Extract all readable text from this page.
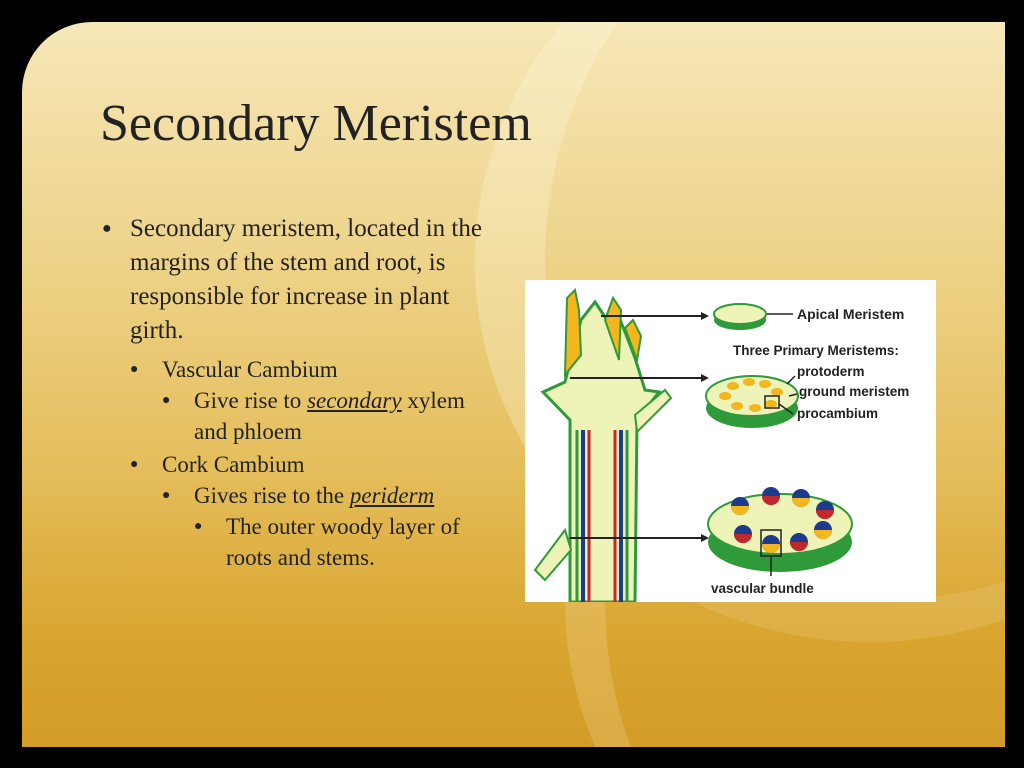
Secondary Meristem
● Secondary meristem, located in the margins of the stem and root, is responsible for increase in plant girth.
● Vascular Cambium
● Give rise to secondary xylem and phloem
● Cork Cambium
● Gives rise to the periderm
● The outer woody layer of roots and stems.
Apical Meristem
Three Primary Meristems:
protoderm
ground meristem
procambium
vascular bundle
